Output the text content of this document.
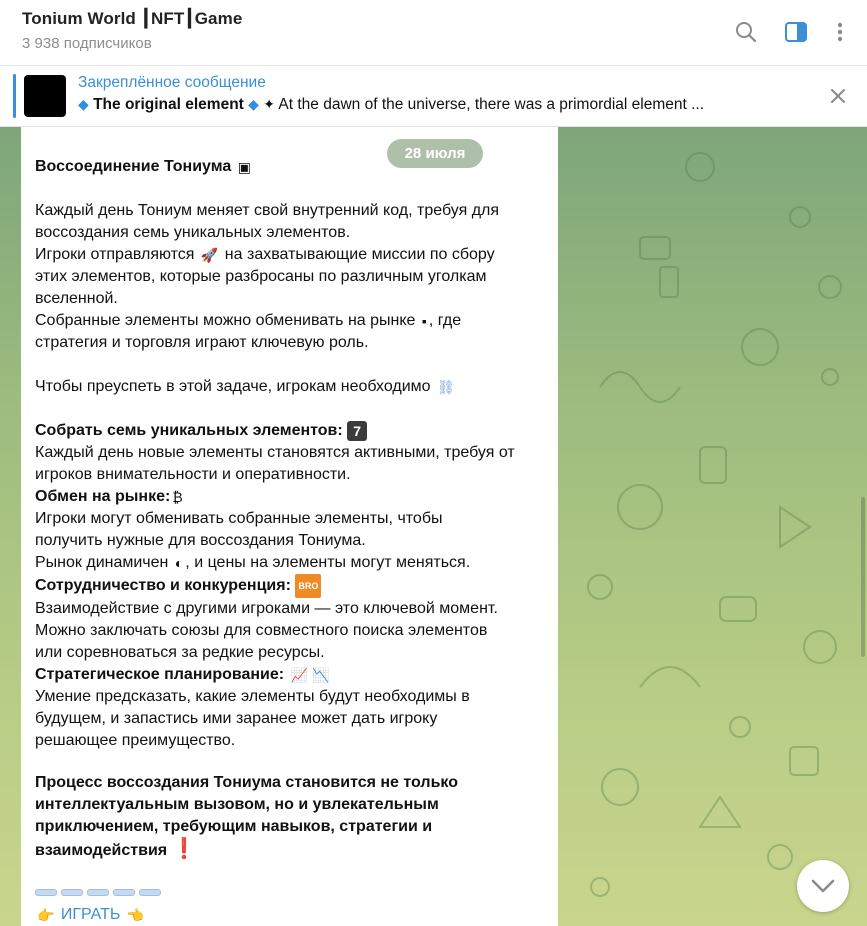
Tonium World ┃NFT┃Game
3 938 подписчиков
Закреплённое сообщение
◆ The original element ◆ ✦ At the dawn of the universe, there was a primordial element ...
28 июля
Воссоединение Тониума ▣
Каждый день Тониум меняет свой внутренний код, требуя для
воссоздания семь уникальных элементов.
Игроки отправляются 🚀 на захватывающие миссии по сбору
этих элементов, которые разбросаны по различным уголкам
вселенной.
Собранные элементы можно обменивать на рынке ▪ , где
стратегия и торговля играют ключевую роль.
Чтобы преуспеть в этой задаче, игрокам необходимо ⛓
Собрать семь уникальных элементов: 7
Каждый день новые элементы становятся активными, требуя от
игроков внимательности и оперативности.
Обмен на рынке: ₿
Игроки могут обменивать собранные элементы, чтобы
получить нужные для воссоздания Тониума.
Рынок динамичен ◐ , и цены на элементы могут меняться.
Сотрудничество и конкуренция: BRO
Взаимодействие с другими игроками — это ключевой момент.
Можно заключать союзы для совместного поиска элементов
или соревноваться за редкие ресурсы.
Стратегическое планирование: 📈 📉
Умение предсказать, какие элементы будут необходимы в
будущем, и запастись ими заранее может дать игроку
решающее преимущество.
Процесс воссоздания Тониума становится не только
интеллектуальным вызовом, но и увлекательным
приключением, требующим навыков, стратегии и
взаимодействия ❗
👉 ИГРАТЬ 👈
